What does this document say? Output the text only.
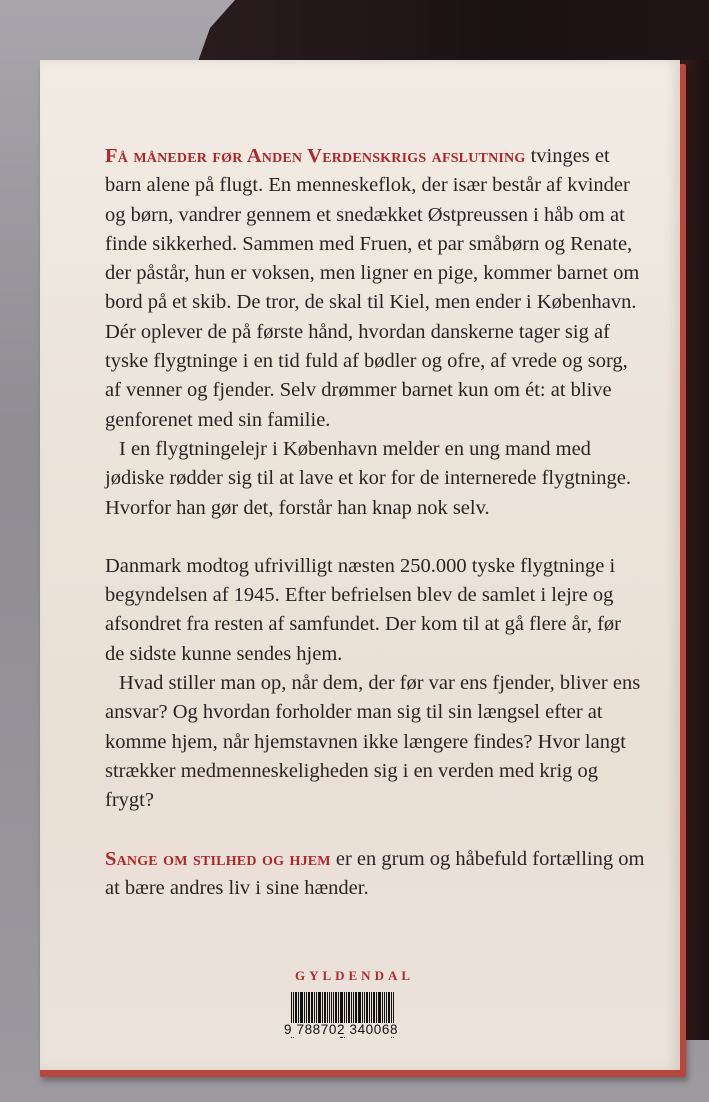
Få måneder før Anden Verdenskrigs afslutning tvinges et barn alene på flugt. En menneskeflok, der især består af kvinder og børn, vandrer gennem et snedækket Østpreussen i håb om at finde sikkerhed. Sammen med Fruen, et par småbørn og Renate, der påstår, hun er voksen, men ligner en pige, kommer barnet om bord på et skib. De tror, de skal til Kiel, men ender i København. Dér oplever de på første hånd, hvordan danskerne tager sig af tyske flygtninge i en tid fuld af bødler og ofre, af vrede og sorg, af venner og fjender. Selv drømmer barnet kun om ét: at blive genforenet med sin familie.

I en flygtningelejr i København melder en ung mand med jødiske rødder sig til at lave et kor for de internerede flygtninge. Hvorfor han gør det, forstår han knap nok selv.

Danmark modtog ufrivilligt næsten 250.000 tyske flygtninge i begyndelsen af 1945. Efter befrielsen blev de samlet i lejre og afsondret fra resten af samfundet. Der kom til at gå flere år, før de sidste kunne sendes hjem.

Hvad stiller man op, når dem, der før var ens fjender, bliver ens ansvar? Og hvordan forholder man sig til sin længsel efter at komme hjem, når hjemstavnen ikke længere findes? Hvor langt strækker medmenneskeligheden sig i en verden med krig og frygt?

Sange om stilhed og hjem er en grum og håbefuld fortælling om at bære andres liv i sine hænder.

GYLDENDAL
9 788702 340068
